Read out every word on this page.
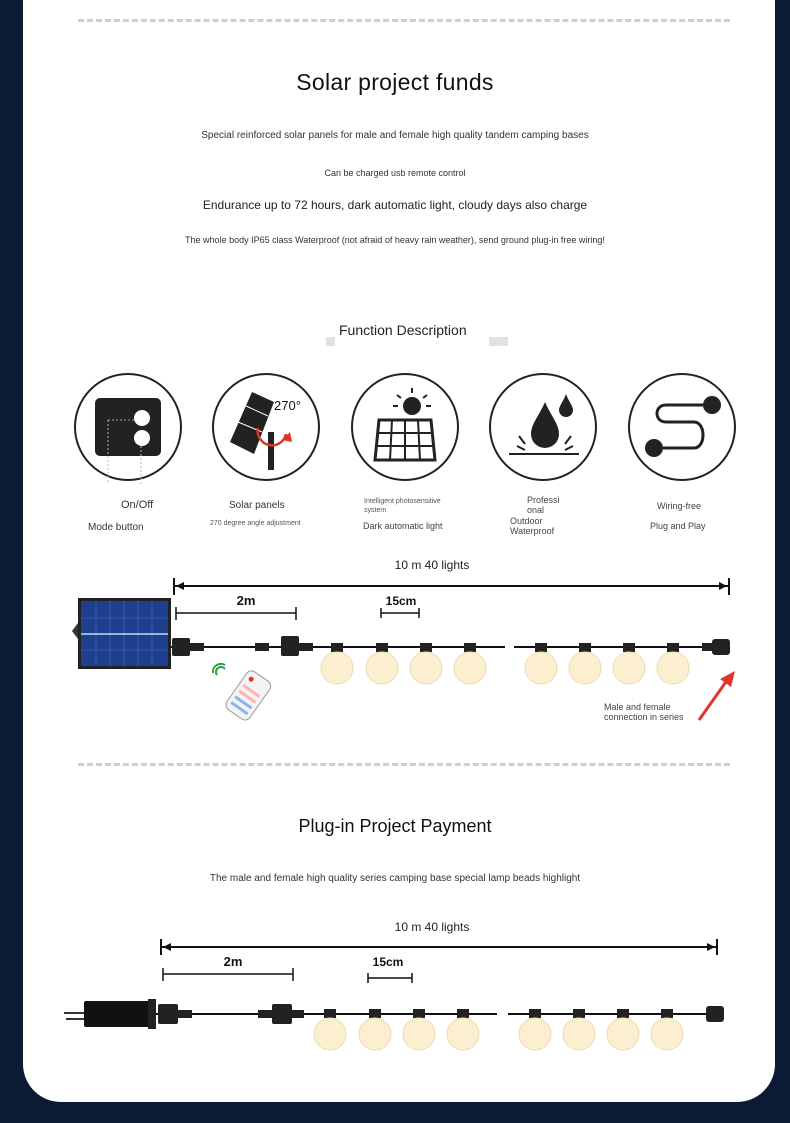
Solar project funds
Special reinforced solar panels for male and female high quality tandem camping bases
Can be charged usb remote control
Endurance up to 72 hours, dark automatic light, cloudy days also charge
The whole body IP65 class Waterproof (not afraid of heavy rain weather), send ground plug-in free wiring!
Function Description
270°
On/Off
Mode button
Solar panels
270 degree angle adjustment
Intelligent photosensitive system
Dark automatic light
Professi onal
Outdoor Waterproof
Wiring-free
Plug and Play
10 m 40 lights
2m	15cm
Male and female connection in series
Plug-in Project Payment
The male and female high quality series camping base special lamp beads highlight
10 m 40 lights
2m	15cm
